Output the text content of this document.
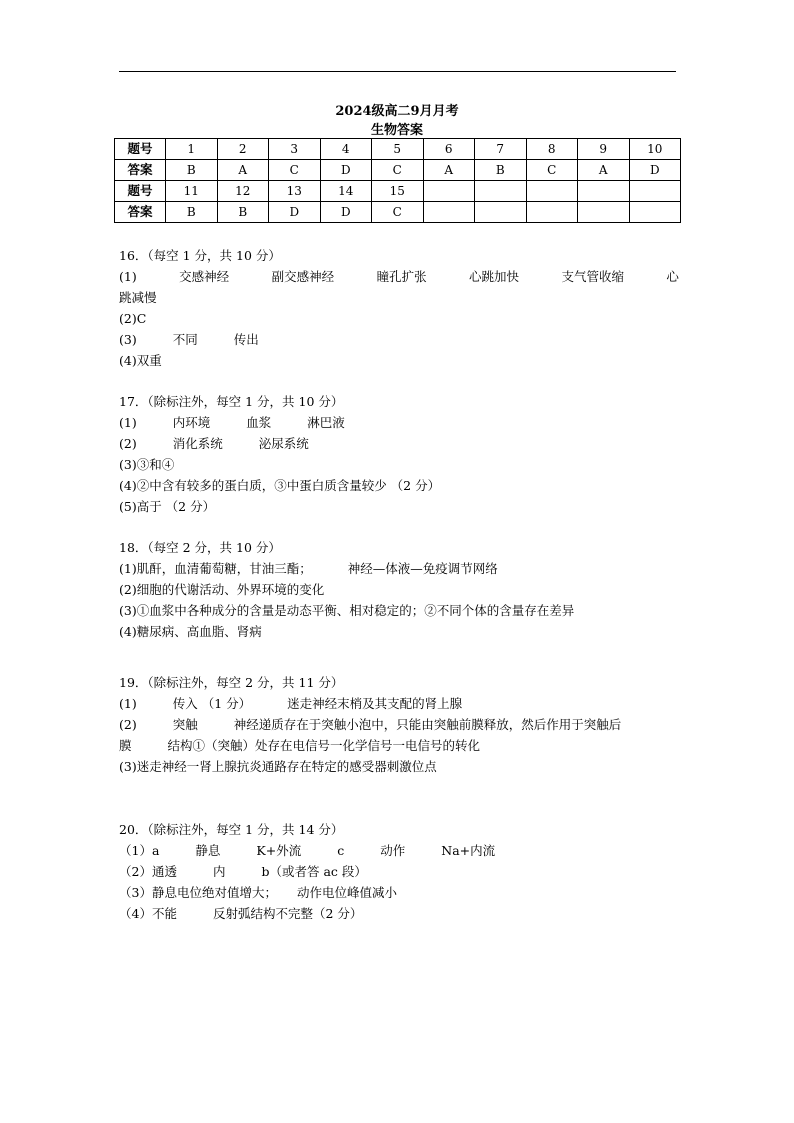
2024级高二9月月考
生物答案
题号	1	2	3	4	5	6	7	8	9	10
答案	B	A	C	D	C	A	B	C	A	D
题号	11	12	13	14	15					
答案	B	B	D	D	C					
16．（每空 1 分，共 10 分）
(1)	交感神经	副交感神经	瞳孔扩张	心跳加快	支气管收缩	心
跳减慢
(2)C
(3)	不同	传出
(4)双重
17．（除标注外，每空 1 分，共 10 分）
(1)	内环境	血浆	淋巴液
(2)	消化系统	泌尿系统
(3)③和④
(4)②中含有较多的蛋白质，③中蛋白质含量较少 （2 分）
(5)高于 （2 分）
18．（每空 2 分，共 10 分）
(1)肌酐，血清葡萄糖，甘油三酯；	神经—体液—免疫调节网络
(2)细胞的代谢活动、外界环境的变化
(3)①血浆中各种成分的含量是动态平衡、相对稳定的；②不同个体的含量存在差异
(4)糖尿病、高血脂、肾病
19．（除标注外，每空 2 分，共 11 分）
(1)	传入 （1 分）	迷走神经末梢及其支配的肾上腺
(2)	突触	神经递质存在于突触小泡中，只能由突触前膜释放，然后作用于突触后
膜	结构①（突触）处存在电信号一化学信号一电信号的转化
(3)迷走神经一肾上腺抗炎通路存在特定的感受器刺激位点
20．（除标注外，每空 1 分，共 14 分）
（1）a	静息	K+外流	c	动作	Na+内流
（2）通透	内	b（或者答 ac 段）
（3）静息电位绝对值增大； 动作电位峰值减小
（4）不能	反射弧结构不完整（2 分）
